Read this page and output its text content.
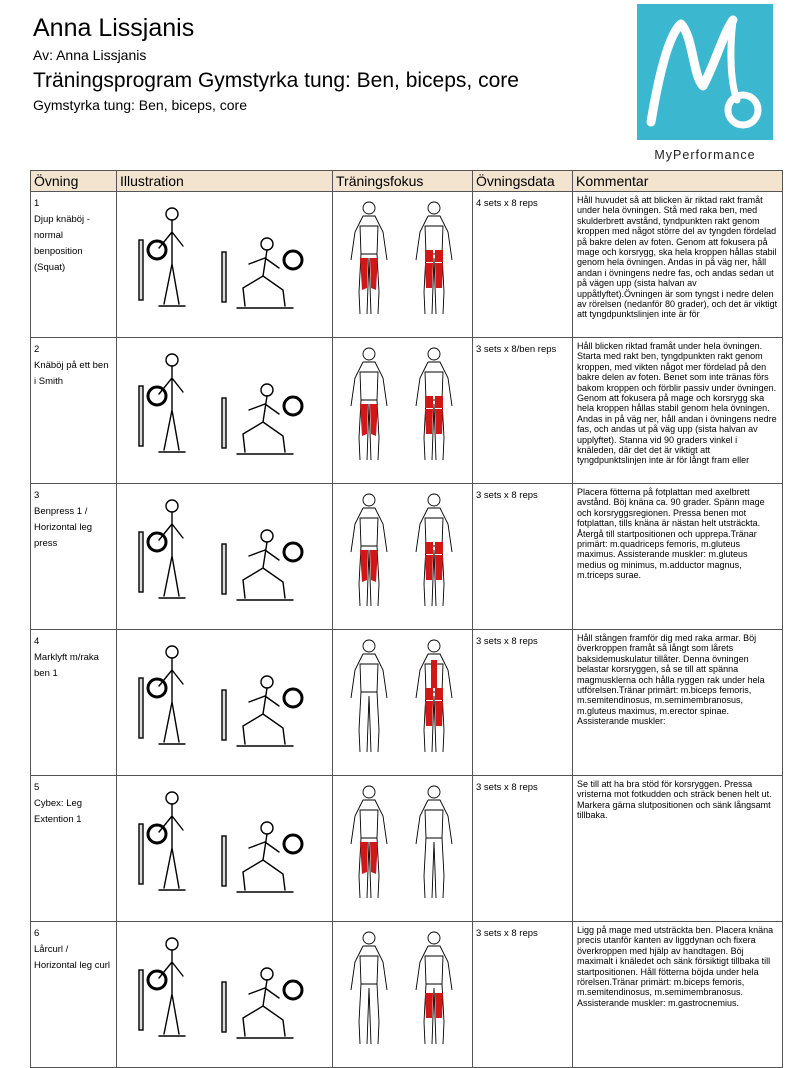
Anna Lissjanis
Av: Anna Lissjanis
Träningsprogram Gymstyrka tung: Ben, biceps, core
Gymstyrka tung: Ben, biceps, core
MyPerformance
Övning	Illustration	Träningsfokus	Övningsdata	Kommentar

1
Djup knäböj - normal benposition (Squat)			4 sets x 8 reps	Håll huvudet så att blicken är riktad rakt framåt under hela övningen. Stå med raka ben, med skulderbrett avstånd, tyndpunkten rakt genom kroppen med något större del av tyngden fördelad på bakre delen av foten. Genom att fokusera på mage och korsrygg, ska hela kroppen hållas stabil genom hela övningen. Andas in på väg ner, håll andan i övningens nedre fas, och andas sedan ut på vägen upp (sista halvan av uppåtlyftet).Övningen är som tyngst i nedre delen av rörelsen (nedanför 80 grader), och det är viktigt att tyngdpunktslinjen inte är för

2
Knäböj på ett ben i Smith			3 sets x 8/ben reps	Håll blicken riktad framåt under hela övningen. Starta med rakt ben, tyngdpunkten rakt genom kroppen, med vikten något mer fördelad på den bakre delen av foten. Benet som inte tränas förs bakom kroppen och förblir passiv under övningen. Genom att fokusera på mage och korsrygg ska hela kroppen hållas stabil genom hela övningen. Andas in på väg ner, håll andan i övningens nedre fas, och andas ut på väg upp (sista halvan av upplyftet). Stanna vid 90 graders vinkel i knäleden, där det det är viktigt att tyngdpunktslinjen inte är för långt fram eller

3
Benpress 1 / Horizontal leg press			3 sets x 8 reps	Placera fötterna på fotplattan med axelbrett avstånd. Böj knäna ca. 90 grader. Spänn mage och korsryggsregionen. Pressa benen mot fotplattan, tills knäna är nästan helt utsträckta. Återgå till startpositionen och upprepa.Tränar primärt: m.quadriceps femoris, m.gluteus maximus. Assisterande muskler: m.gluteus medius og minimus, m.adductor magnus, m.triceps surae.

4
Marklyft m/raka ben 1			3 sets x 8 reps	Håll stången framför dig med raka armar. Böj överkroppen framåt så långt som lårets baksidemuskulatur tillåter. Denna övningen belastar korsryggen, så se till att spänna magmusklerna och hålla ryggen rak under hela utförelsen.Tränar primärt: m.biceps femoris, m.semitendinosus, m.semimembranosus, m.gluteus maximus, m.erector spinae. Assisterande muskler:

5
Cybex: Leg Extention 1			3 sets x 8 reps	Se till att ha bra stöd för korsryggen. Pressa vristerna mot fotkudden och sträck benen helt ut. Markera gärna slutpositionen och sänk långsamt tillbaka.

6
Lårcurl / Horizontal leg curl			3 sets x 8 reps	Ligg på mage med utsträckta ben. Placera knäna precis utanför kanten av liggdynan och fixera överkroppen med hjälp av handtagen. Böj maximalt i knäledet och sänk försiktigt tillbaka till startpositionen. Håll fötterna böjda under hela rörelsen.Tränar primärt: m.biceps femoris, m.semitendinosus, m.semimembranosus. Assisterande muskler: m.gastrocnemius.
